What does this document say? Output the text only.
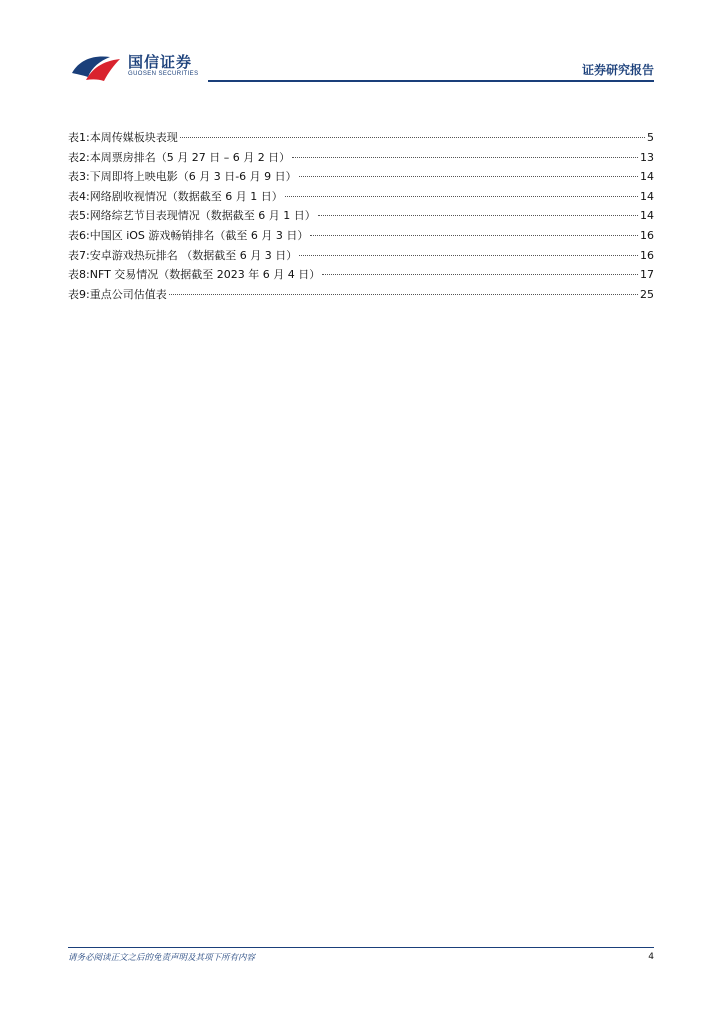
国信证券
GUOSEN SECURITIES	证券研究报告
表1: 本周传媒板块表现	5
表2: 本周票房排名（5 月 27 日 – 6 月 2 日）	13
表3: 下周即将上映电影（6 月 3 日-6 月 9 日）	14
表4: 网络剧收视情况（数据截至 6 月 1 日）	14
表5: 网络综艺节目表现情况（数据截至 6 月 1 日）	14
表6: 中国区 iOS 游戏畅销排名（截至 6 月 3 日）	16
表7: 安卓游戏热玩排名 （数据截至 6 月 3 日）	16
表8: NFT 交易情况（数据截至 2023 年 6 月 4 日）	17
表9: 重点公司估值表	25
请务必阅读正文之后的免责声明及其项下所有内容	4
